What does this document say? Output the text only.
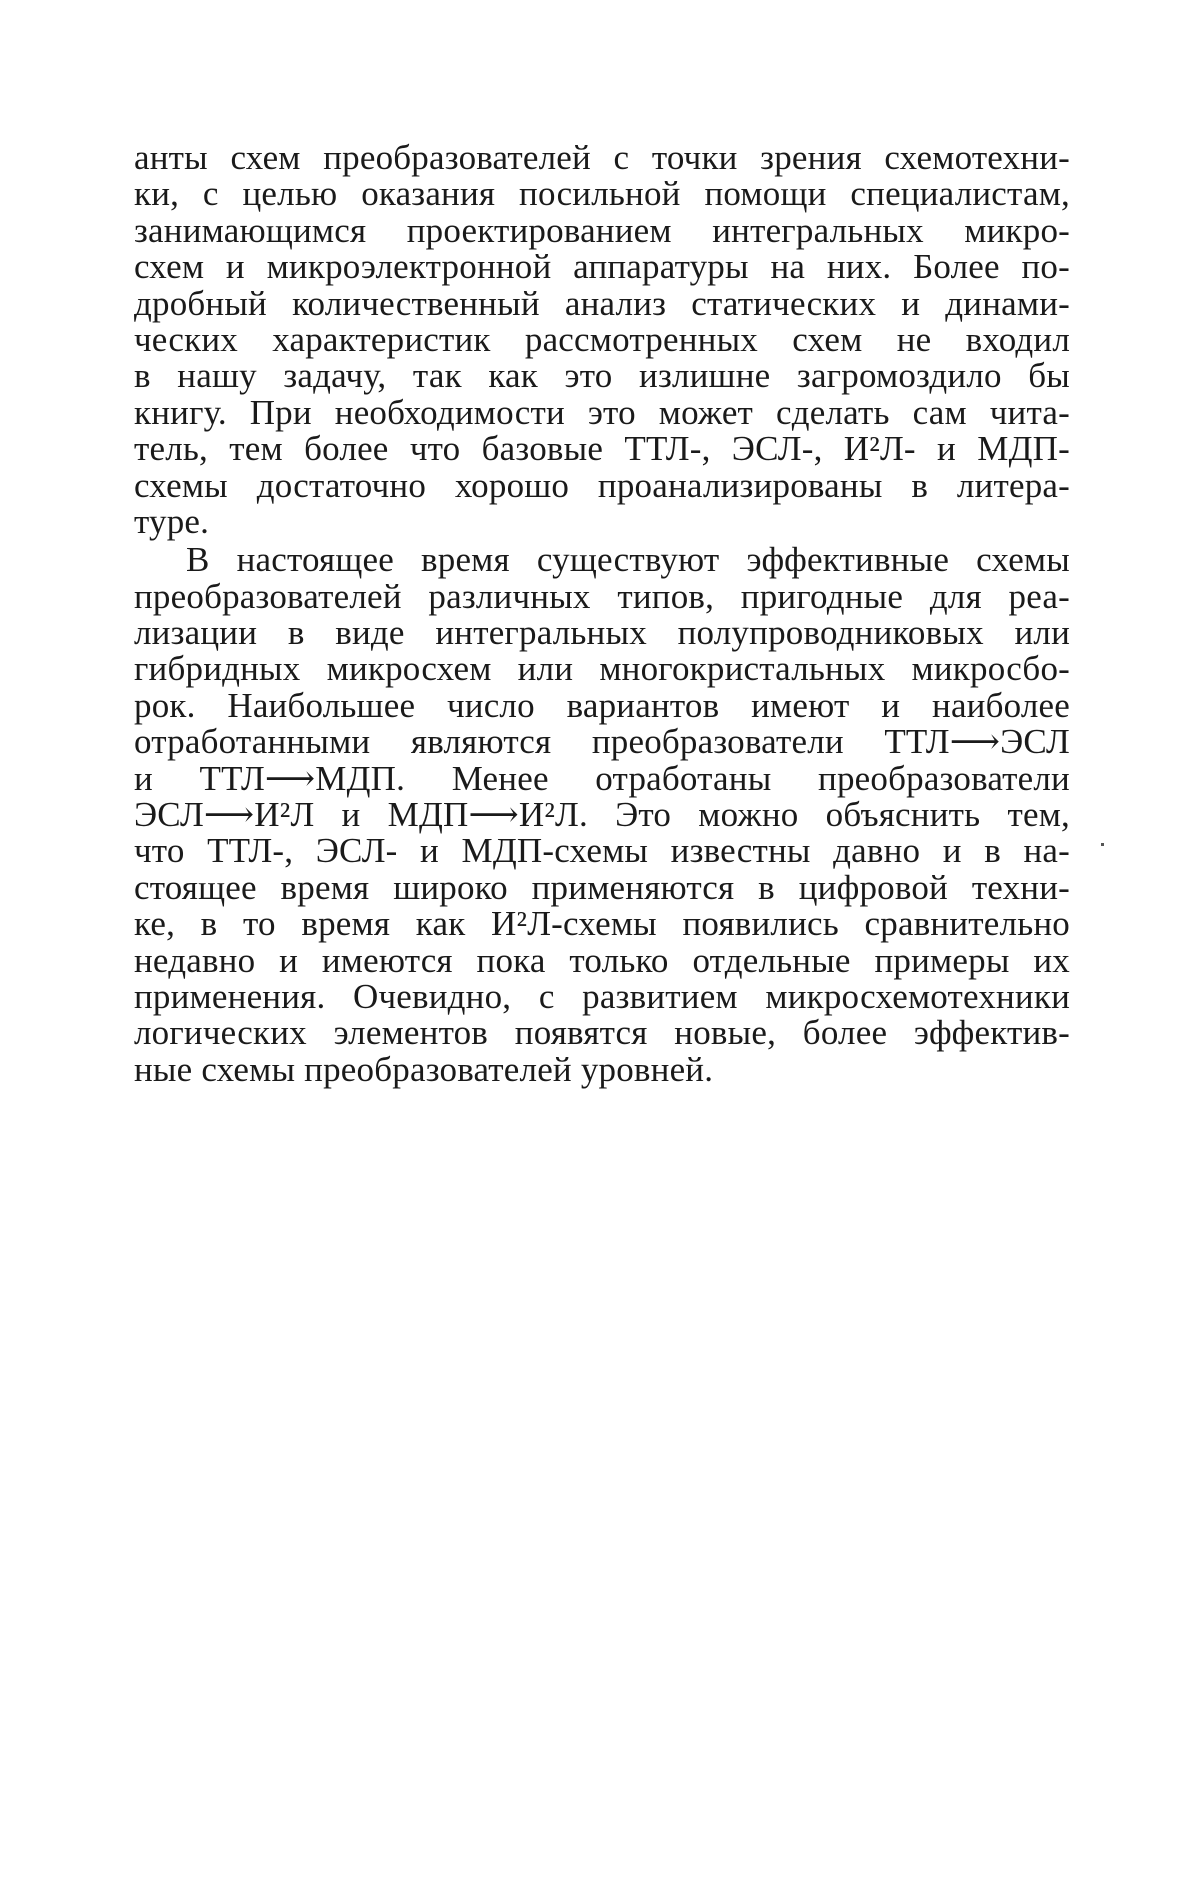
анты схем преобразователей с точки зрения схемотехни-
ки, с целью оказания посильной помощи специалистам,
занимающимся проектированием интегральных микро-
схем и микроэлектронной аппаратуры на них. Более по-
дробный количественный анализ статических и динами-
ческих характеристик рассмотренных схем не входил
в нашу задачу, так как это излишне загромоздило бы
книгу. При необходимости это может сделать сам чита-
тель, тем более что базовые ТТЛ-, ЭСЛ-, И²Л- и МДП-
схемы достаточно хорошо проанализированы в литера-
туре.
В настоящее время существуют эффективные схемы
преобразователей различных типов, пригодные для реа-
лизации в виде интегральных полупроводниковых или
гибридных микросхем или многокристальных микросбо-
рок. Наибольшее число вариантов имеют и наиболее
отработанными являются преобразователи ТТЛ⟶ЭСЛ
и ТТЛ⟶МДП. Менее отработаны преобразователи
ЭСЛ⟶И²Л и МДП⟶И²Л. Это можно объяснить тем,
что ТТЛ-, ЭСЛ- и МДП-схемы известны давно и в на-
стоящее время широко применяются в цифровой техни-
ке, в то время как И²Л-схемы появились сравнительно
недавно и имеются пока только отдельные примеры их
применения. Очевидно, с развитием микросхемотехники
логических элементов появятся новые, более эффектив-
ные схемы преобразователей уровней.
